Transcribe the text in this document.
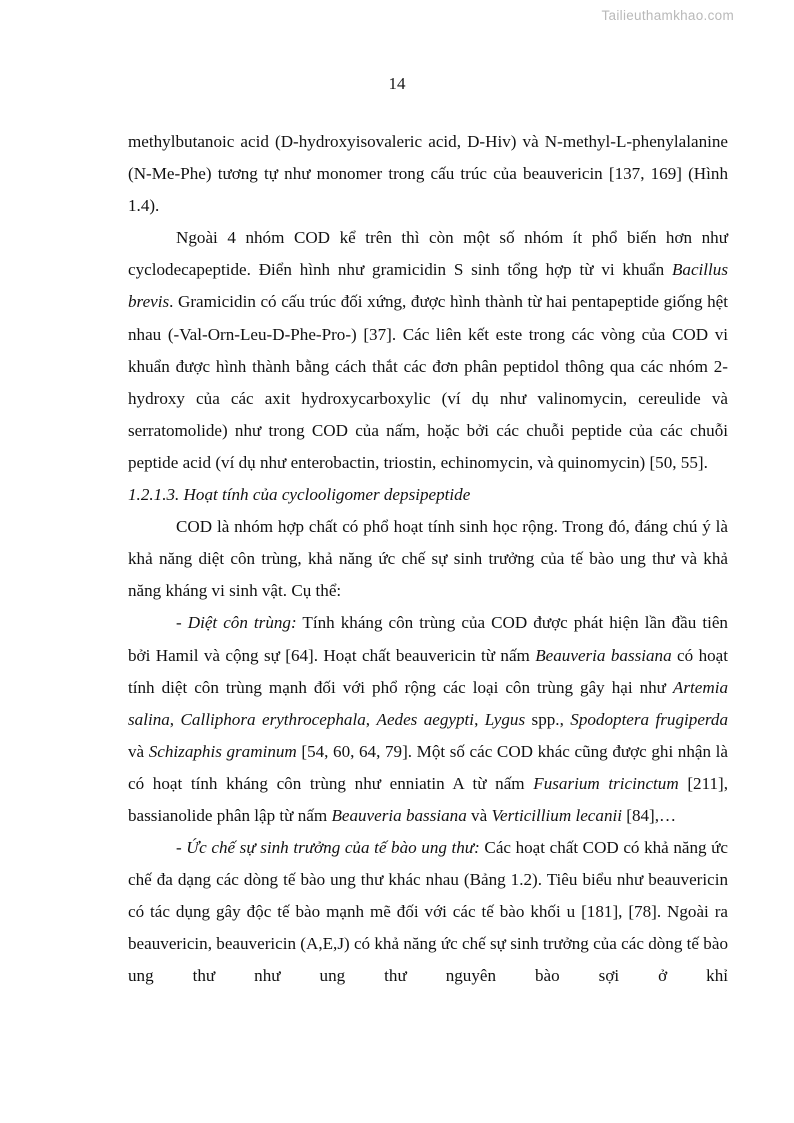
Tailieuthamkhao.com
14

methylbutanoic acid (D-hydroxyisovaleric acid, D-Hiv) và N-methyl-L-phenylalanine (N-Me-Phe) tương tự như monomer trong cấu trúc của beauvericin [137, 169] (Hình 1.4).

Ngoài 4 nhóm COD kể trên thì còn một số nhóm ít phổ biến hơn như cyclodecapeptide. Điển hình như gramicidin S sinh tổng hợp từ vi khuẩn Bacillus brevis. Gramicidin có cấu trúc đối xứng, được hình thành từ hai pentapeptide giống hệt nhau (-Val-Orn-Leu-D-Phe-Pro-) [37]. Các liên kết este trong các vòng của COD vi khuẩn được hình thành bằng cách thắt các đơn phân peptidol thông qua các nhóm 2-hydroxy của các axit hydroxycarboxylic (ví dụ như valinomycin, cereulide và serratomolide) như trong COD của nấm, hoặc bởi các chuỗi peptide của các chuỗi peptide acid (ví dụ như enterobactin, triostin, echinomycin, và quinomycin) [50, 55].

1.2.1.3. Hoạt tính của cyclooligomer depsipeptide

COD là nhóm hợp chất có phổ hoạt tính sinh học rộng. Trong đó, đáng chú ý là khả năng diệt côn trùng, khả năng ức chế sự sinh trưởng của tế bào ung thư và khả năng kháng vi sinh vật. Cụ thể:

- Diệt côn trùng: Tính kháng côn trùng của COD được phát hiện lần đầu tiên bởi Hamil và cộng sự [64]. Hoạt chất beauvericin từ nấm Beauveria bassiana có hoạt tính diệt côn trùng mạnh đối với phổ rộng các loại côn trùng gây hại như Artemia salina, Calliphora erythrocephala, Aedes aegypti, Lygus spp., Spodoptera frugiperda và Schizaphis graminum [54, 60, 64, 79]. Một số các COD khác cũng được ghi nhận là có hoạt tính kháng côn trùng như enniatin A từ nấm Fusarium tricinctum [211], bassianolide phân lập từ nấm Beauveria bassiana và Verticillium lecanii [84],…

- Ức chế sự sinh trưởng của tế bào ung thư: Các hoạt chất COD có khả năng ức chế đa dạng các dòng tế bào ung thư khác nhau (Bảng 1.2). Tiêu biểu như beauvericin có tác dụng gây độc tế bào mạnh mẽ đối với các tế bào khối u [181], [78]. Ngoài ra beauvericin, beauvericin (A,E,J) có khả năng ức chế sự sinh trưởng của các dòng tế bào ung thư như ung thư nguyên bào sợi ở khỉ
